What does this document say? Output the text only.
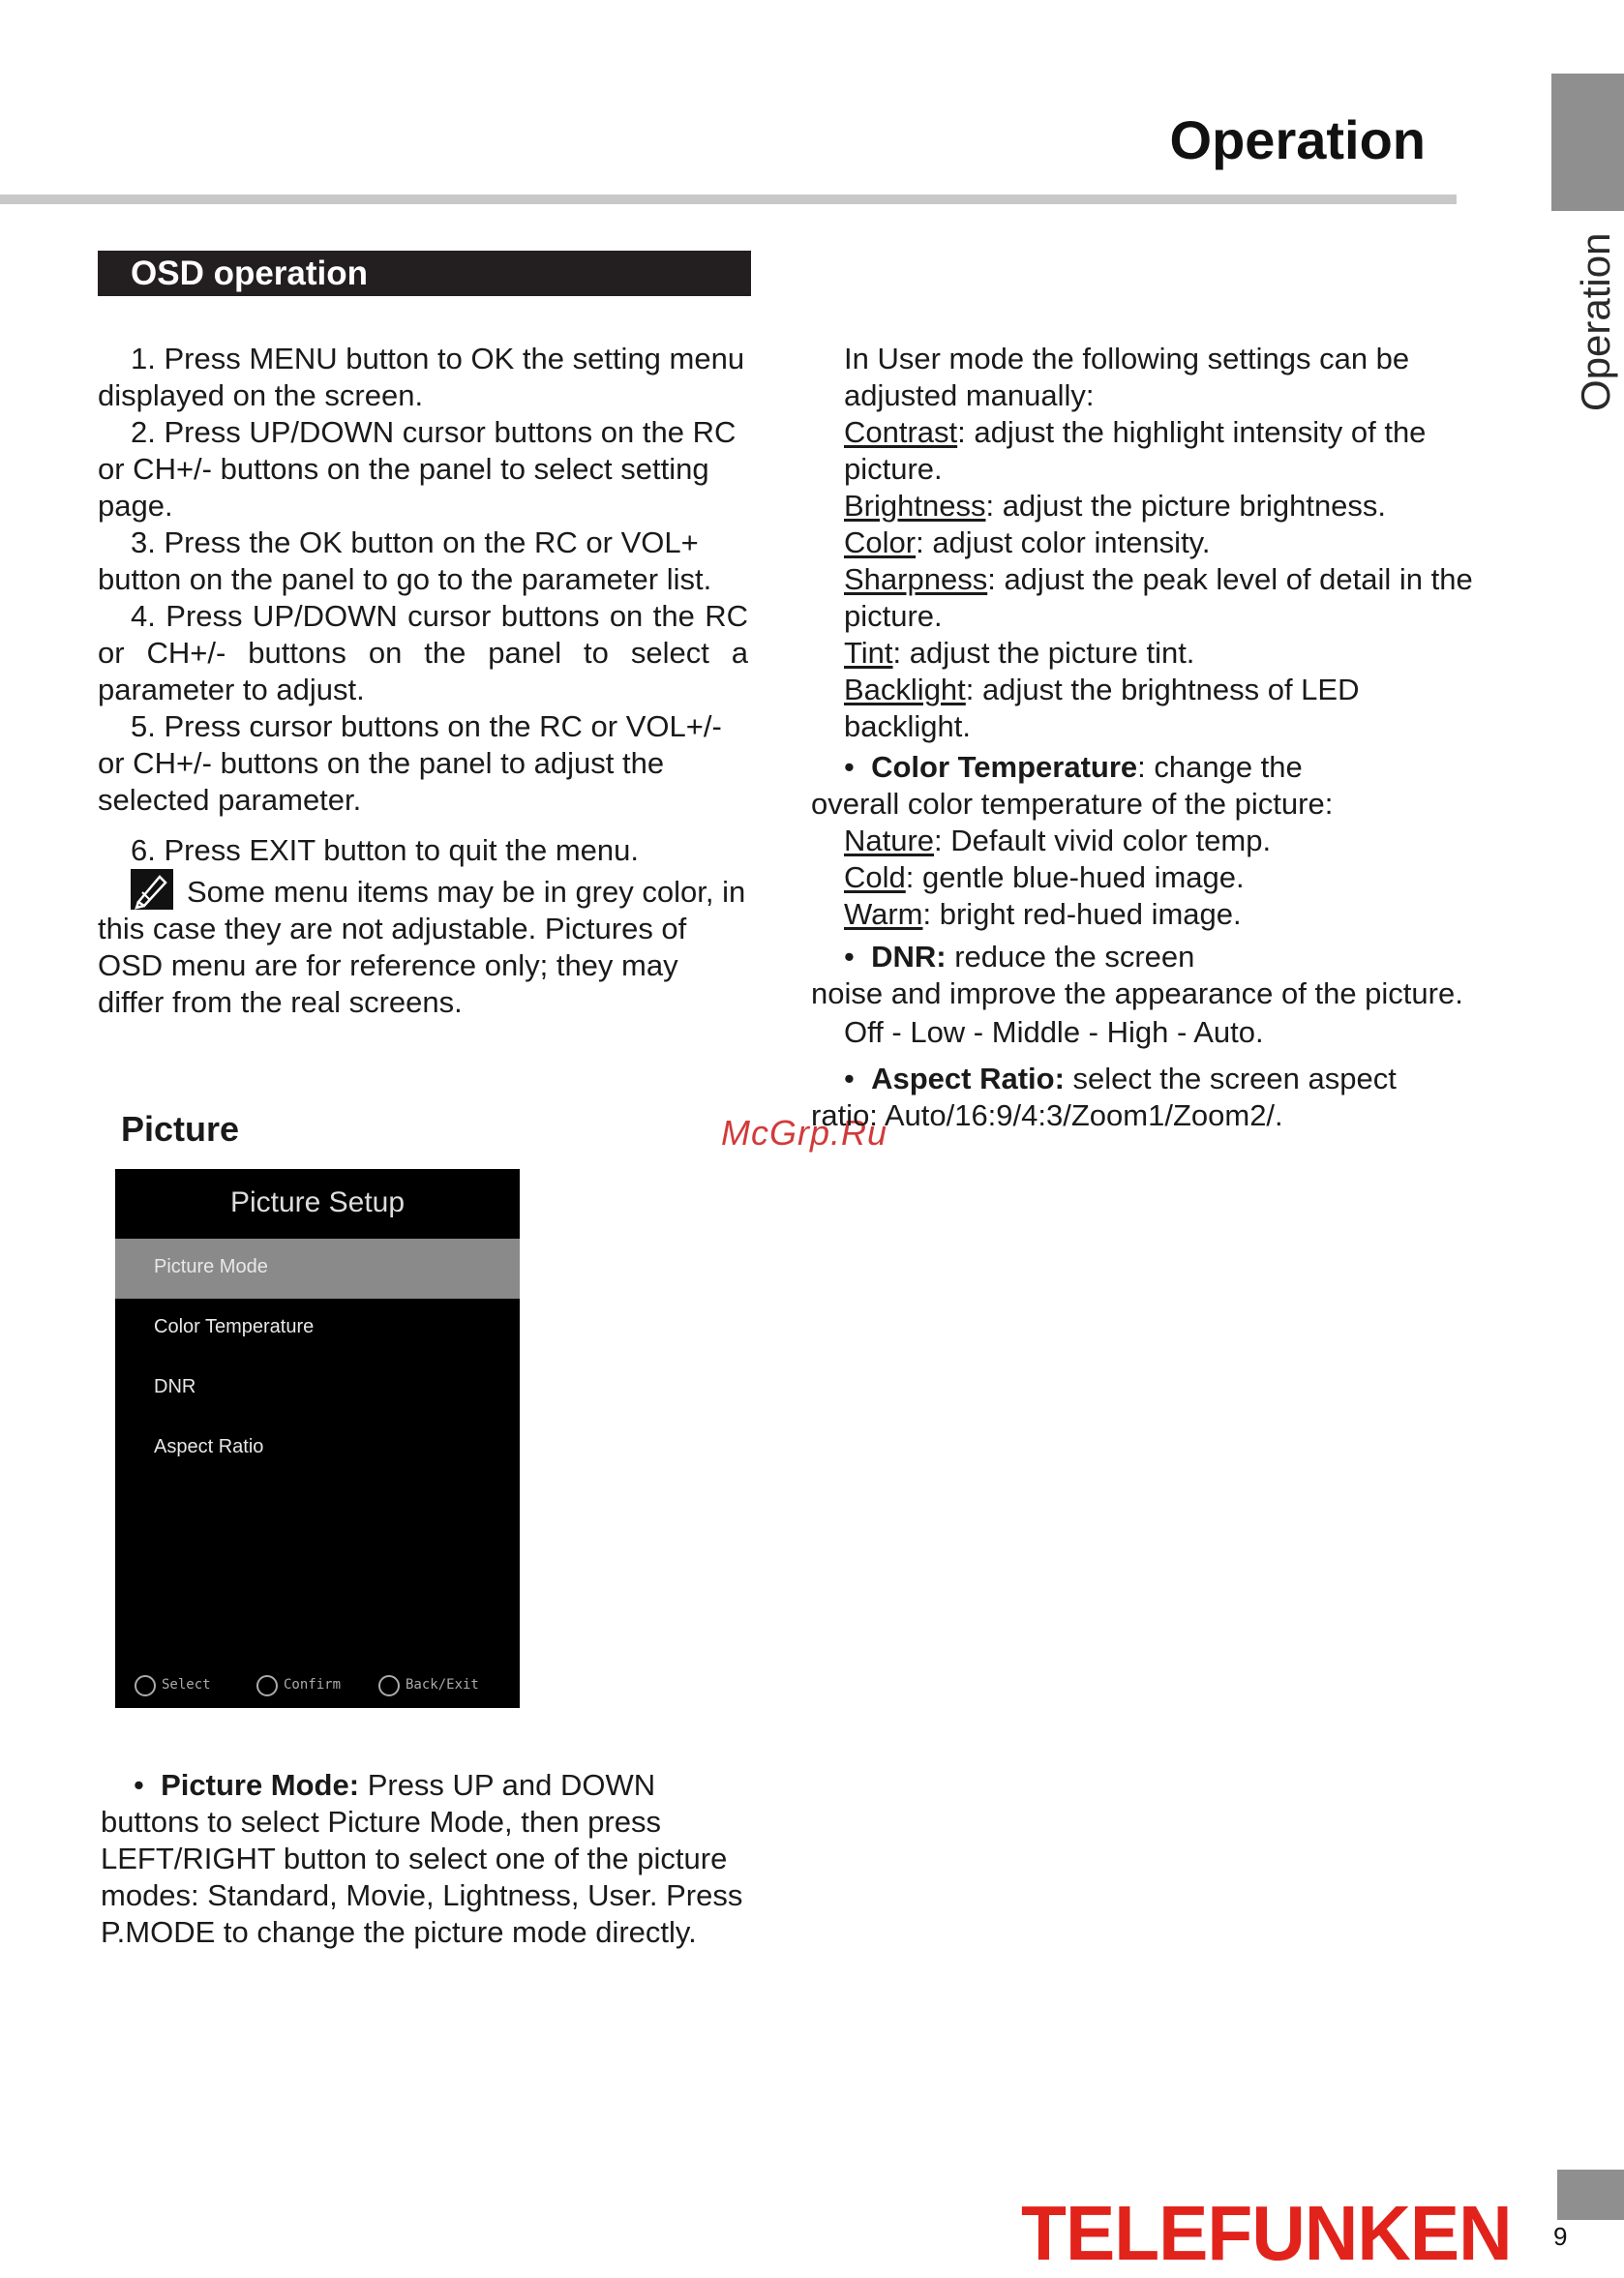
Operation
Operation
OSD operation

1. Press MENU button to OK the setting menu displayed on the screen.

2. Press UP/DOWN cursor buttons on the RC or CH+/- buttons on the panel to select setting page.

3. Press the OK button on the RC or VOL+ button on the panel to go to the parameter list.

4. Press UP/DOWN cursor buttons on the RC or CH+/- buttons on the panel to select a parameter to adjust.

5. Press cursor buttons on the RC or VOL+/- or CH+/- buttons on the panel to adjust the selected parameter.

6. Press EXIT button to quit the menu.

Some menu items may be in grey color, in this case they are not adjustable. Pictures of OSD menu are for reference only; they may differ from the real screens.

Picture	McGrp.Ru
Picture Setup
Picture Mode
Color Temperature
DNR
Aspect Ratio
Select	Confirm	Back/Exit

•  Picture Mode: Press UP and DOWN buttons to select Picture Mode, then press LEFT/RIGHT button to select one of the picture modes: Standard, Movie, Lightness, User. Press P.MODE to change the picture mode directly.

In User mode the following settings can be adjusted manually:

Contrast: adjust the highlight intensity of the picture.

Brightness: adjust the picture brightness.

Color: adjust color intensity.

Sharpness: adjust the peak level of detail in the picture.

Tint: adjust the picture tint.

Backlight: adjust the brightness of LED backlight.

•  Color Temperature: change the

overall color temperature of the picture:

Nature: Default vivid color temp.

Cold: gentle blue-hued image.

Warm: bright red-hued image.

•  DNR: reduce the screen

noise and improve the appearance of the picture.

Off - Low - Middle - High - Auto.

•  Aspect Ratio: select the screen aspect

ratio: Auto/16:9/4:3/Zoom1/Zoom2/.

TELEFUNKEN 9
